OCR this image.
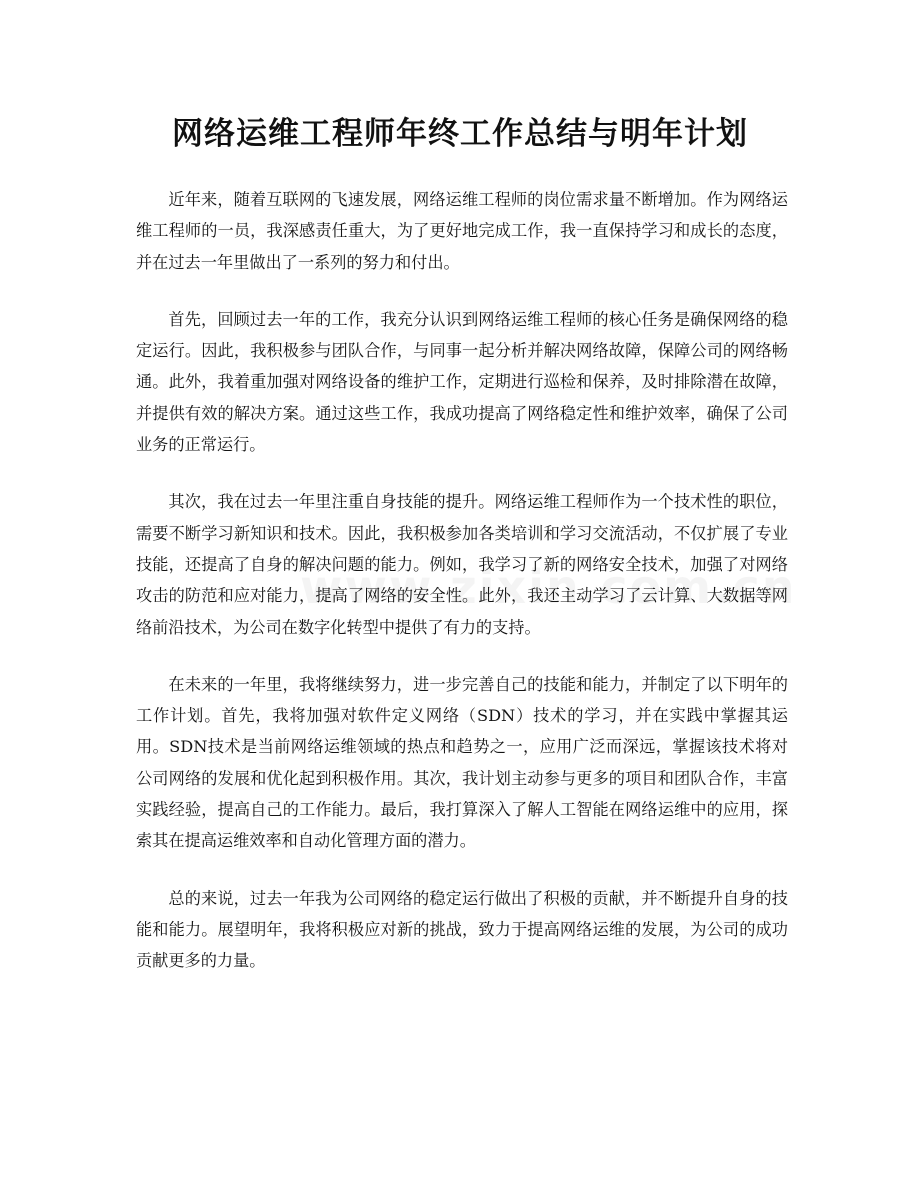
网络运维工程师年终工作总结与明年计划

近年来，随着互联网的飞速发展，网络运维工程师的岗位需求量不断增加。作为网络运维工程师的一员，我深感责任重大，为了更好地完成工作，我一直保持学习和成长的态度，并在过去一年里做出了一系列的努力和付出。

首先，回顾过去一年的工作，我充分认识到网络运维工程师的核心任务是确保网络的稳定运行。因此，我积极参与团队合作，与同事一起分析并解决网络故障，保障公司的网络畅通。此外，我着重加强对网络设备的维护工作，定期进行巡检和保养，及时排除潜在故障，并提供有效的解决方案。通过这些工作，我成功提高了网络稳定性和维护效率，确保了公司业务的正常运行。

其次，我在过去一年里注重自身技能的提升。网络运维工程师作为一个技术性的职位，需要不断学习新知识和技术。因此，我积极参加各类培训和学习交流活动，不仅扩展了专业技能，还提高了自身的解决问题的能力。例如，我学习了新的网络安全技术，加强了对网络攻击的防范和应对能力，提高了网络的安全性。此外，我还主动学习了云计算、大数据等网络前沿技术，为公司在数字化转型中提供了有力的支持。

在未来的一年里，我将继续努力，进一步完善自己的技能和能力，并制定了以下明年的工作计划。首先，我将加强对软件定义网络（SDN）技术的学习，并在实践中掌握其运用。SDN技术是当前网络运维领域的热点和趋势之一，应用广泛而深远，掌握该技术将对公司网络的发展和优化起到积极作用。其次，我计划主动参与更多的项目和团队合作，丰富实践经验，提高自己的工作能力。最后，我打算深入了解人工智能在网络运维中的应用，探索其在提高运维效率和自动化管理方面的潜力。

总的来说，过去一年我为公司网络的稳定运行做出了积极的贡献，并不断提升自身的技能和能力。展望明年，我将积极应对新的挑战，致力于提高网络运维的发展，为公司的成功贡献更多的力量。
